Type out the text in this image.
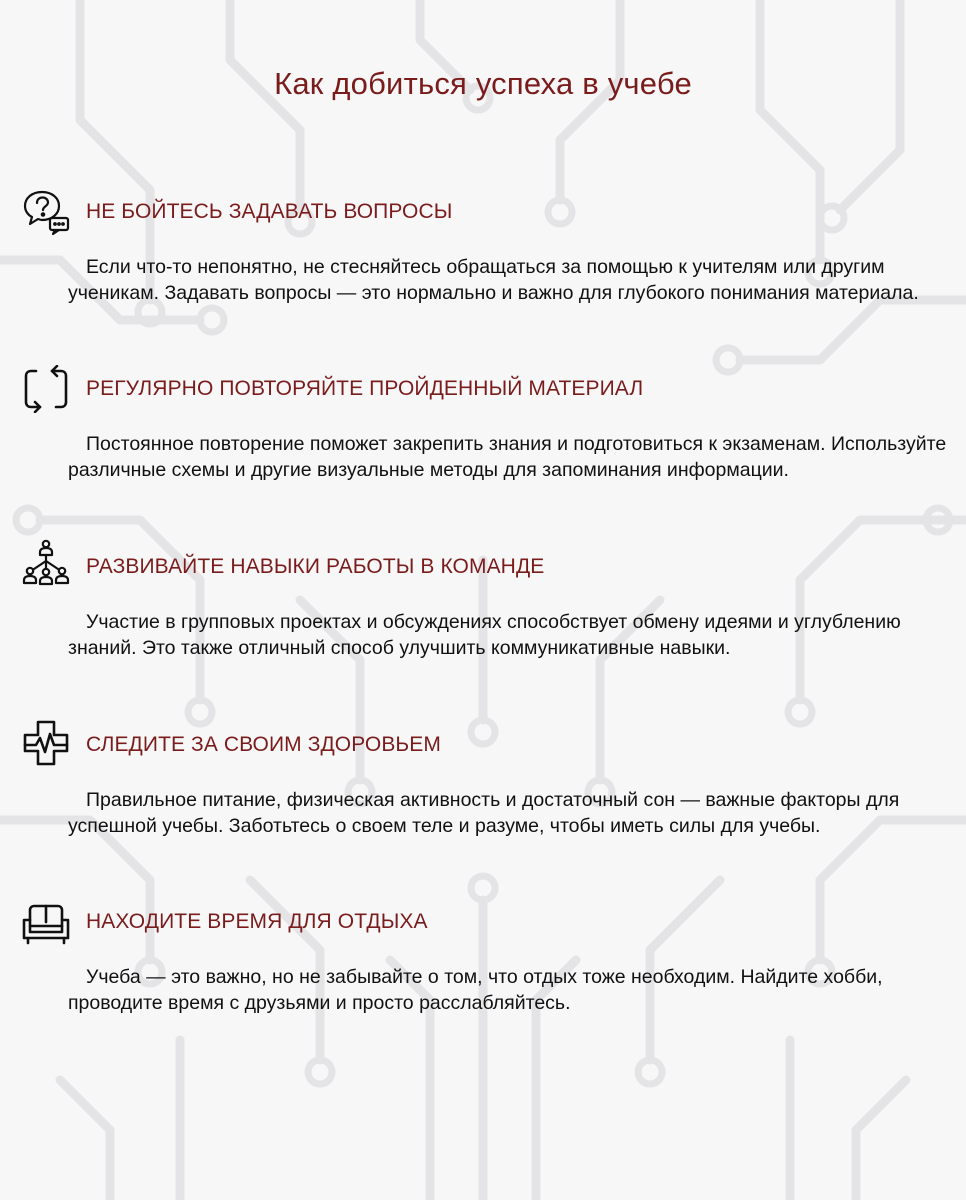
Как добиться успеха в учебе
НЕ БОЙТЕСЬ ЗАДАВАТЬ ВОПРОСЫ
Если что-то непонятно, не стесняйтесь обращаться за помощью к учителям или другим ученикам. Задавать вопросы — это нормально и важно для глубокого понимания материала.
РЕГУЛЯРНО ПОВТОРЯЙТЕ ПРОЙДЕННЫЙ МАТЕРИАЛ
Постоянное повторение поможет закрепить знания и подготовиться к экзаменам. Используйте различные схемы и другие визуальные методы для запоминания информации.
РАЗВИВАЙТЕ НАВЫКИ РАБОТЫ В КОМАНДЕ
Участие в групповых проектах и обсуждениях способствует обмену идеями и углублению знаний. Это также отличный способ улучшить коммуникативные навыки.
СЛЕДИТЕ ЗА СВОИМ ЗДОРОВЬЕМ
Правильное питание, физическая активность и достаточный сон — важные факторы для успешной учебы. Заботьтесь о своем теле и разуме, чтобы иметь силы для учебы.
НАХОДИТЕ ВРЕМЯ ДЛЯ ОТДЫХА
Учеба — это важно, но не забывайте о том, что отдых тоже необходим. Найдите хобби, проводите время с друзьями и просто расслабляйтесь.
